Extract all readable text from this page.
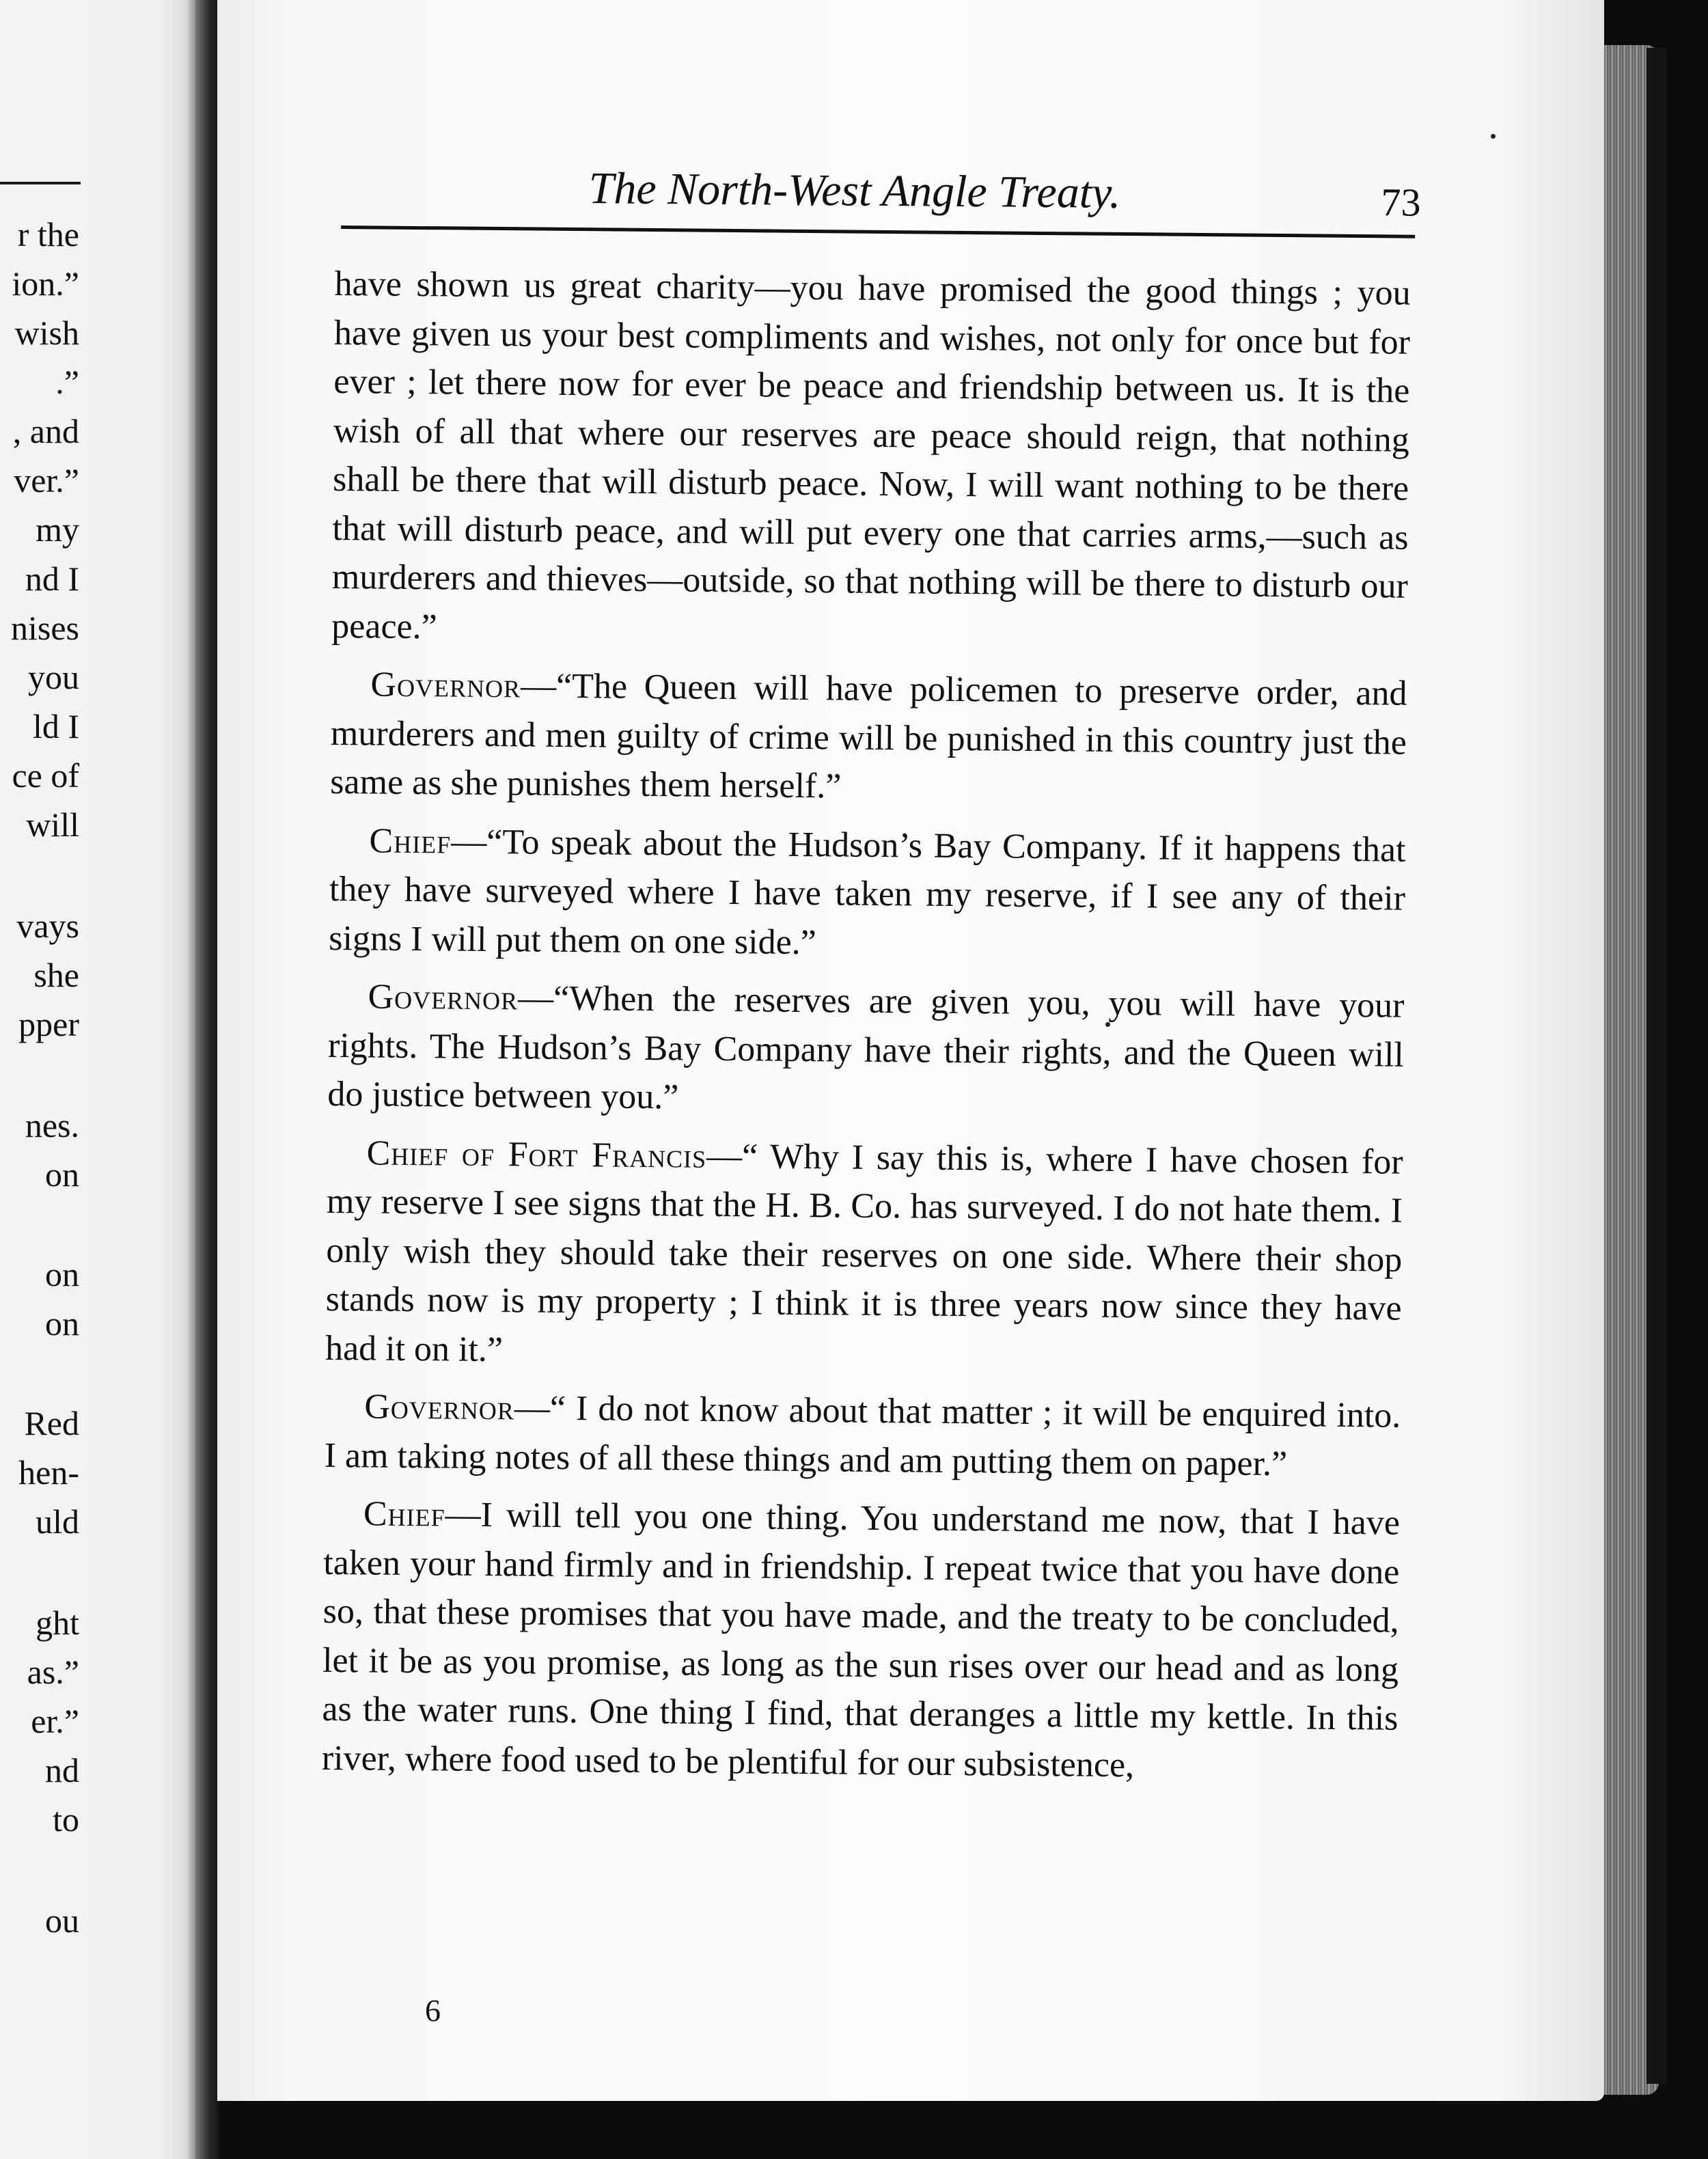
r the
ion.”
wish
.”
, and
ver.”
my
nd I
nises
you
ld I
ce of
will
vays
she
pper
nes.
on
on
on
Red
hen-
uld
ght
as.”
er.”
nd
to
ou
The North-West Angle Treaty.	73

have shown us great charity—you have promised the good things ; you have given us your best compliments and wishes, not only for once but for ever ; let there now for ever be peace and friendship between us. It is the wish of all that where our reserves are peace should reign, that nothing shall be there that will disturb peace. Now, I will want nothing to be there that will disturb peace, and will put every one that carries arms,—such as murderers and thieves—outside, so that nothing will be there to disturb our peace.”

Governor—“The Queen will have policemen to preserve order, and murderers and men guilty of crime will be punished in this country just the same as she punishes them herself.”

Chief—“To speak about the Hudson’s Bay Company. If it happens that they have surveyed where I have taken my reserve, if I see any of their signs I will put them on one side.”

Governor—“When the reserves are given you, you will have your rights. The Hudson’s Bay Company have their rights, and the Queen will do justice between you.”

Chief of Fort Francis—“ Why I say this is, where I have chosen for my reserve I see signs that the H. B. Co. has surveyed. I do not hate them. I only wish they should take their reserves on one side. Where their shop stands now is my property ; I think it is three years now since they have had it on it.”

Governor—“ I do not know about that matter ; it will be enquired into. I am taking notes of all these things and am putting them on paper.”

Chief—I will tell you one thing. You understand me now, that I have taken your hand firmly and in friendship. I repeat twice that you have done so, that these promises that you have made, and the treaty to be concluded, let it be as you promise, as long as the sun rises over our head and as long as the water runs. One thing I find, that deranges a little my kettle. In this river, where food used to be plentiful for our subsistence,

6
